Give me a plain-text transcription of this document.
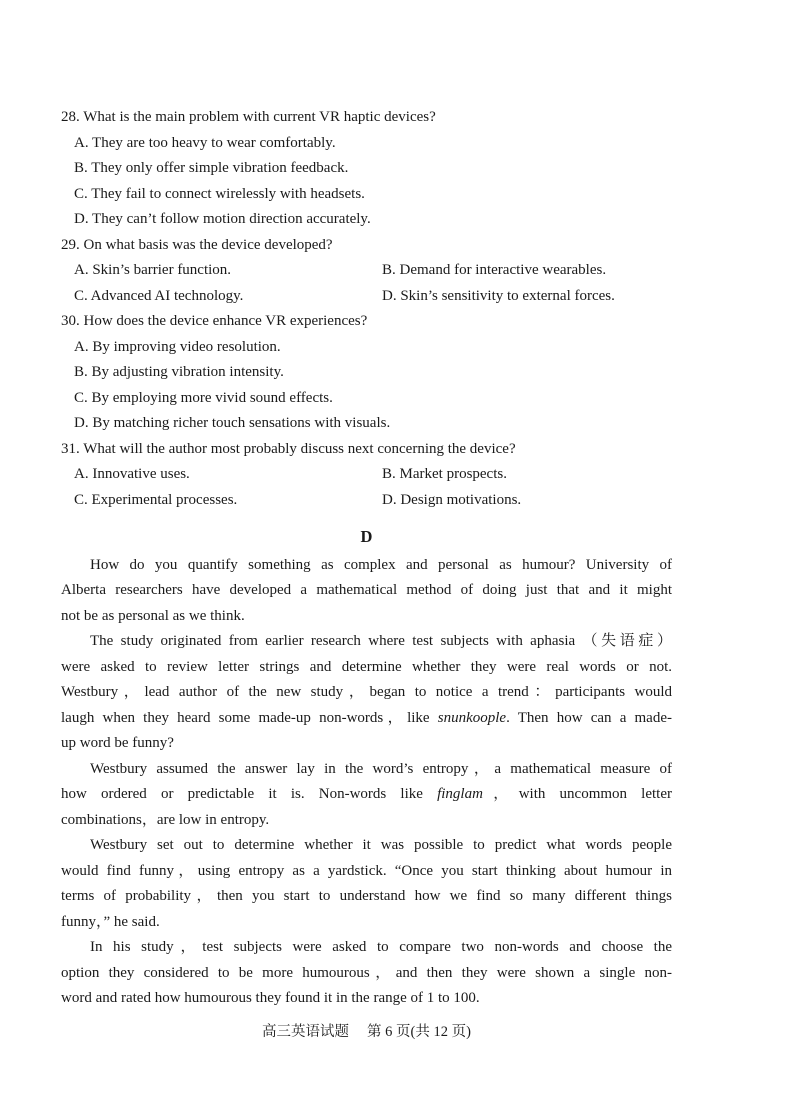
28. What is the main problem with current VR haptic devices?
A. They are too heavy to wear comfortably.
B. They only offer simple vibration feedback.
C. They fail to connect wirelessly with headsets.
D. They can’t follow motion direction accurately.
29. On what basis was the device developed?
A. Skin’s barrier function.	B. Demand for interactive wearables.
C. Advanced AI technology.	D. Skin’s sensitivity to external forces.
30. How does the device enhance VR experiences?
A. By improving video resolution.
B. By adjusting vibration intensity.
C. By employing more vivid sound effects.
D. By matching richer touch sensations with visuals.
31. What will the author most probably discuss next concerning the device?
A. Innovative uses.	B. Market prospects.
C. Experimental processes.	D. Design motivations.
D
How do you quantify something as complex and personal as humour? University of
Alberta researchers have developed a mathematical method of doing just that and it might
not be as personal as we think.
The study originated from earlier research where test subjects with aphasia （失语症）
were asked to review letter strings and determine whether they were real words or not.
Westbury，lead author of the new study，began to notice a trend：participants would
laugh when they heard some made-up non-words，like snunkoople. Then how can a made-
up word be funny?
Westbury assumed the answer lay in the word’s entropy，a mathematical measure of
how ordered or predictable it is. Non-words like finglam，with uncommon letter
combinations，are low in entropy.
Westbury set out to determine whether it was possible to predict what words people
would find funny，using entropy as a yardstick. “Once you start thinking about humour in
terms of probability，then you start to understand how we find so many different things
funny，” he said.
In his study，test subjects were asked to compare two non-words and choose the
option they considered to be more humourous，and then they were shown a single non-
word and rated how humourous they found it in the range of 1 to 100.
高三英语试题 第 6 页(共 12 页)
